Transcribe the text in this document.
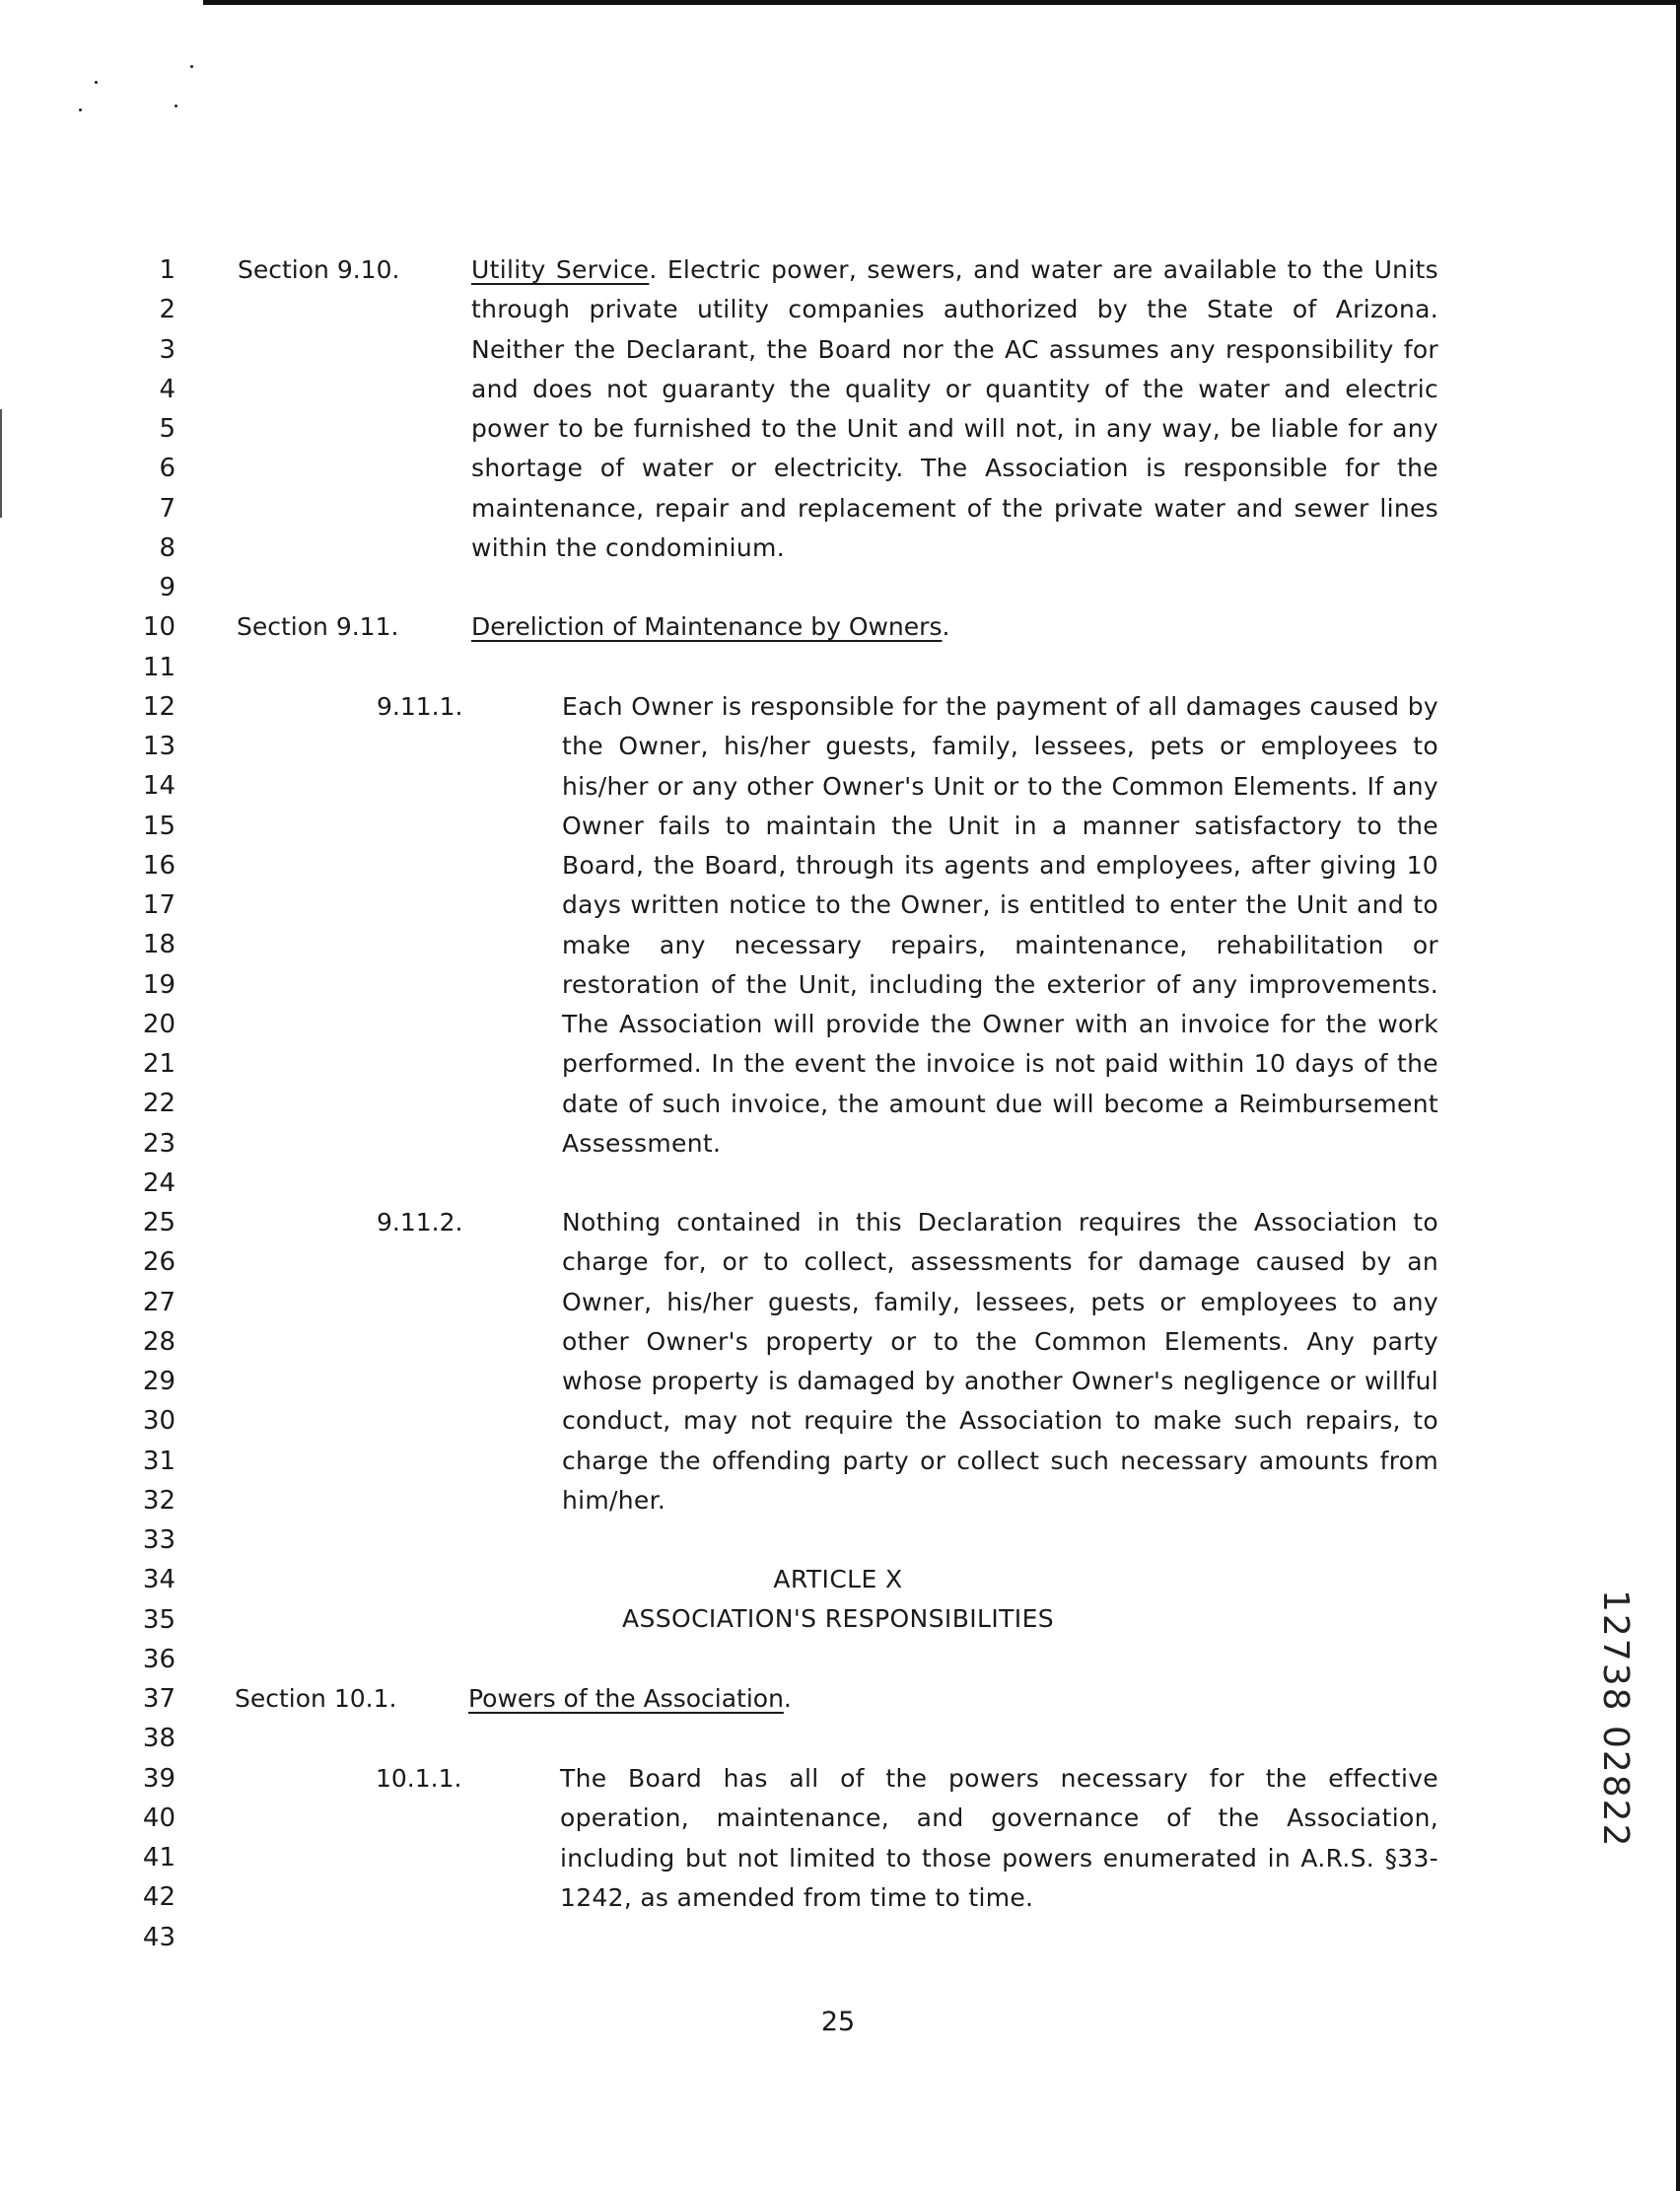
1
2
3
4
5
6
7
8
9
10
11
12
13
14
15
16
17
18
19
20
21
22
23
24
25
26
27
28
29
30
31
32
33
34
35
36
37
38
39
40
41
42
43
Section 9.10.	Utility Service. Electric power, sewers, and water are available to the Units through private utility companies authorized by the State of Arizona. Neither the Declarant, the Board nor the AC assumes any responsibility for and does not guaranty the quality or quantity of the water and electric power to be furnished to the Unit and will not, in any way, be liable for any shortage of water or electricity. The Association is responsible for the maintenance, repair and replacement of the private water and sewer lines within the condominium.
Section 9.11.	Dereliction of Maintenance by Owners.
9.11.1.	Each Owner is responsible for the payment of all damages caused by the Owner, his/her guests, family, lessees, pets or employees to his/her or any other Owner's Unit or to the Common Elements. If any Owner fails to maintain the Unit in a manner satisfactory to the Board, the Board, through its agents and employees, after giving 10 days written notice to the Owner, is entitled to enter the Unit and to make any necessary repairs, maintenance, rehabilitation or restoration of the Unit, including the exterior of any improvements. The Association will provide the Owner with an invoice for the work performed. In the event the invoice is not paid within 10 days of the date of such invoice, the amount due will become a Reimbursement Assessment.
9.11.2.	Nothing contained in this Declaration requires the Association to charge for, or to collect, assessments for damage caused by an Owner, his/her guests, family, lessees, pets or employees to any other Owner's property or to the Common Elements. Any party whose property is damaged by another Owner's negligence or willful conduct, may not require the Association to make such repairs, to charge the offending party or collect such necessary amounts from him/her.
ARTICLE X
ASSOCIATION'S RESPONSIBILITIES
Section 10.1.	Powers of the Association.
10.1.1.	The Board has all of the powers necessary for the effective operation, maintenance, and governance of the Association, including but not limited to those powers enumerated in A.R.S. §33-1242, as amended from time to time.
25
12738 02822
